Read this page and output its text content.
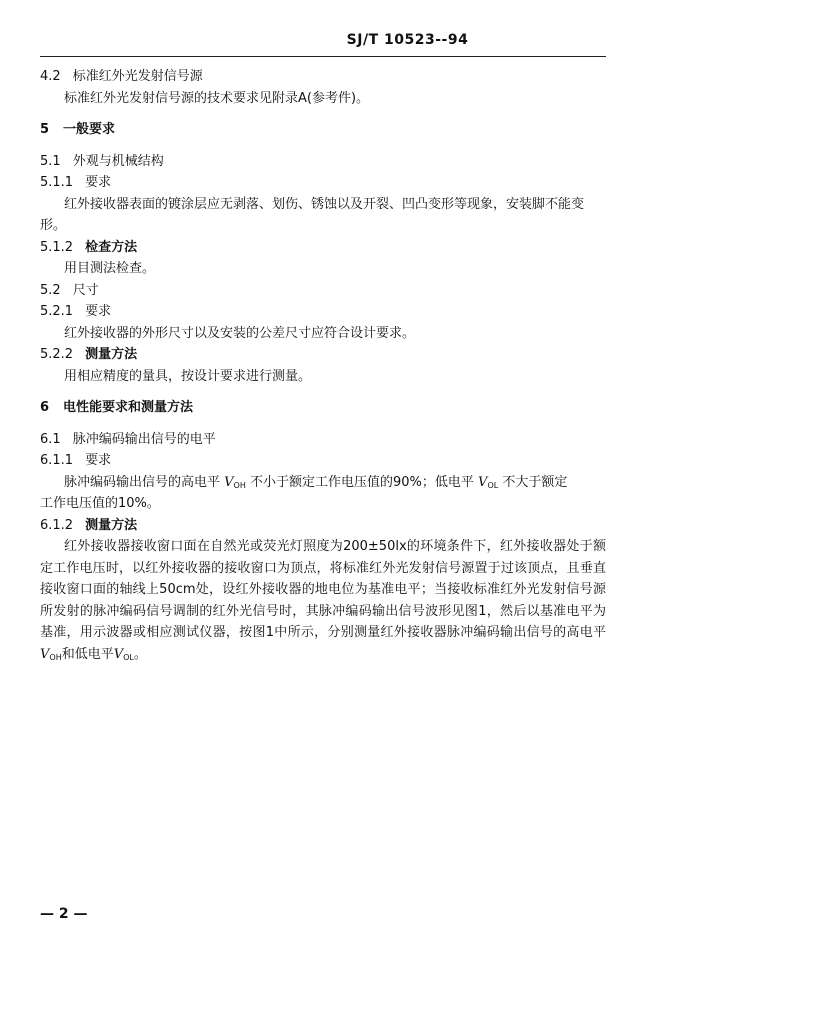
SJ/T 10523--94
4.2 标准红外光发射信号源
标准红外光发射信号源的技术要求见附录A(参考件)。
5 一般要求
5.1 外观与机械结构
5.1.1 要求
红外接收器表面的镀涂层应无剥落、划伤、锈蚀以及开裂、凹凸变形等现象，安装脚不能变
形。
5.1.2 检查方法
用目测法检查。
5.2 尺寸
5.2.1 要求
红外接收器的外形尺寸以及安装的公差尺寸应符合设计要求。
5.2.2 测量方法
用相应精度的量具，按设计要求进行测量。
6 电性能要求和测量方法
6.1 脉冲编码输出信号的电平
6.1.1 要求
脉冲编码输出信号的高电平 $V_{OH}$ 不小于额定工作电压值的90%；低电平 $V_{OL}$ 不大于额定
工作电压值的10%。
6.1.2 测量方法
红外接收器接收窗口面在自然光或荧光灯照度为200±50lx的环境条件下，红外接收器处于额定工作电压时，以红外接收器的接收窗口为顶点，将标准红外光发射信号源置于过该顶点，且垂直接收窗口面的轴线上50cm处，设红外接收器的地电位为基准电平；当接收标准红外光发射信号源所发射的脉冲编码信号调制的红外光信号时，其脉冲编码输出信号波形见图1，然后以基准电平为基准，用示波器或相应测试仪器，按图1中所示，分别测量红外接收器脉冲编码输出信号的高电平$V_{OH}$和低电平$V_{OL}$。
— 2 —
